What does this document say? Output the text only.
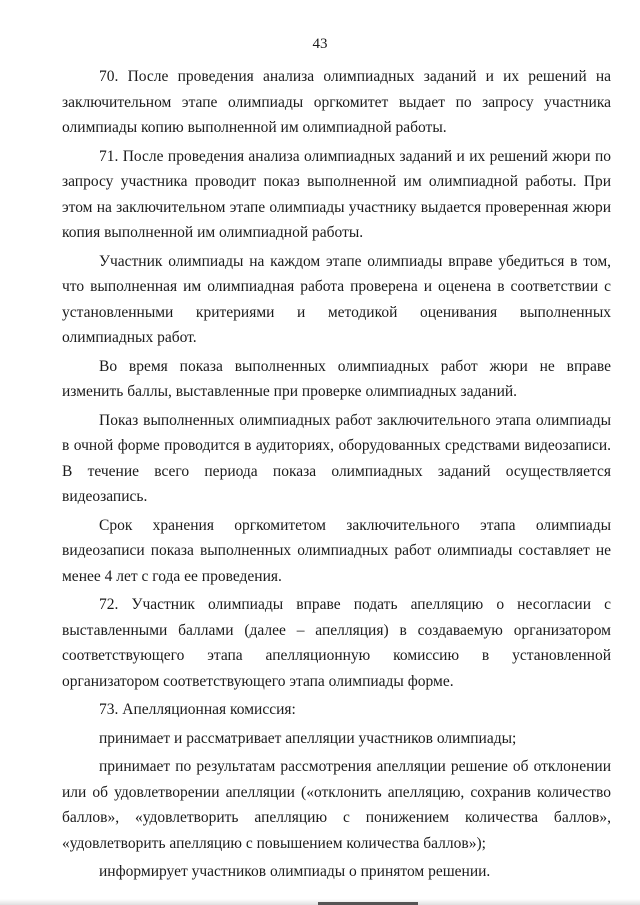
43

70. После проведения анализа олимпиадных заданий и их решений на заключительном этапе олимпиады оргкомитет выдает по запросу участника олимпиады копию выполненной им олимпиадной работы.

71. После проведения анализа олимпиадных заданий и их решений жюри по запросу участника проводит показ выполненной им олимпиадной работы. При этом на заключительном этапе олимпиады участнику выдается проверенная жюри копия выполненной им олимпиадной работы.

Участник олимпиады на каждом этапе олимпиады вправе убедиться в том, что выполненная им олимпиадная работа проверена и оценена в соответствии с установленными критериями и методикой оценивания выполненных олимпиадных работ.

Во время показа выполненных олимпиадных работ жюри не вправе изменить баллы, выставленные при проверке олимпиадных заданий.

Показ выполненных олимпиадных работ заключительного этапа олимпиады в очной форме проводится в аудиториях, оборудованных средствами видеозаписи. В течение всего периода показа олимпиадных заданий осуществляется видеозапись.

Срок хранения оргкомитетом заключительного этапа олимпиады видеозаписи показа выполненных олимпиадных работ олимпиады составляет не менее 4 лет с года ее проведения.

72. Участник олимпиады вправе подать апелляцию о несогласии с выставленными баллами (далее – апелляция) в создаваемую организатором соответствующего этапа апелляционную комиссию в установленной организатором соответствующего этапа олимпиады форме.

73. Апелляционная комиссия:

принимает и рассматривает апелляции участников олимпиады;

принимает по результатам рассмотрения апелляции решение об отклонении или об удовлетворении апелляции («отклонить апелляцию, сохранив количество баллов», «удовлетворить апелляцию с понижением количества баллов», «удовлетворить апелляцию с повышением количества баллов»);

информирует участников олимпиады о принятом решении.
